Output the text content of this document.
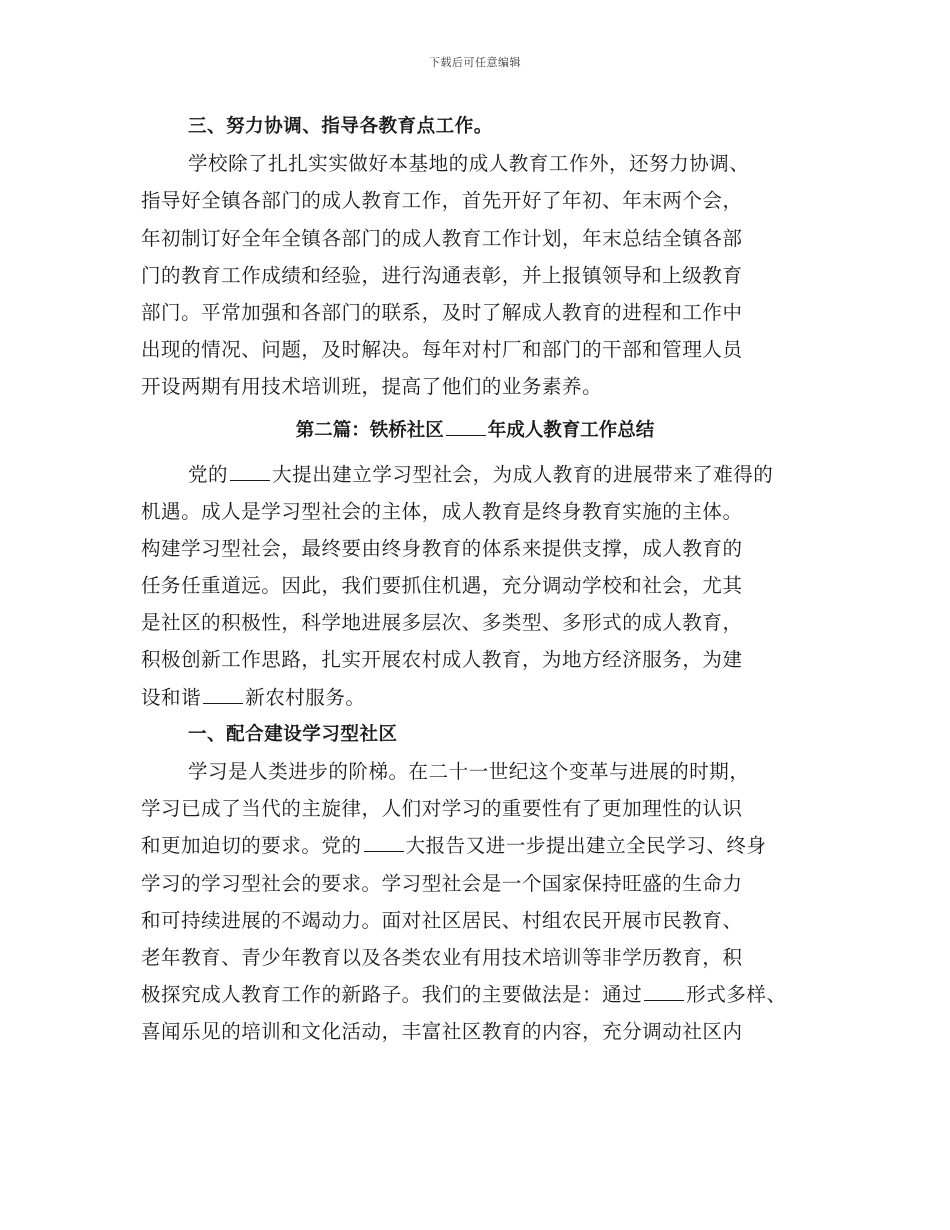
下载后可任意编辑
三、努力协调、指导各教育点工作。
学校除了扎扎实实做好本基地的成人教育工作外，还努力协调、
指导好全镇各部门的成人教育工作，首先开好了年初、年末两个会，
年初制订好全年全镇各部门的成人教育工作计划，年末总结全镇各部
门的教育工作成绩和经验，进行沟通表彰，并上报镇领导和上级教育
部门。平常加强和各部门的联系，及时了解成人教育的进程和工作中
出现的情况、问题，及时解决。每年对村厂和部门的干部和管理人员
开设两期有用技术培训班，提高了他们的业务素养。
第二篇：铁桥社区 年成人教育工作总结
党的 大提出建立学习型社会，为成人教育的进展带来了难得的
机遇。成人是学习型社会的主体，成人教育是终身教育实施的主体。
构建学习型社会，最终要由终身教育的体系来提供支撑，成人教育的
任务任重道远。因此，我们要抓住机遇，充分调动学校和社会，尤其
是社区的积极性，科学地进展多层次、多类型、多形式的成人教育，
积极创新工作思路，扎实开展农村成人教育，为地方经济服务，为建
设和谐 新农村服务。
一、配合建设学习型社区
学习是人类进步的阶梯。在二十一世纪这个变革与进展的时期，
学习已成了当代的主旋律，人们对学习的重要性有了更加理性的认识
和更加迫切的要求。党的 大报告又进一步提出建立全民学习、终身
学习的学习型社会的要求。学习型社会是一个国家保持旺盛的生命力
和可持续进展的不竭动力。面对社区居民、村组农民开展市民教育、
老年教育、青少年教育以及各类农业有用技术培训等非学历教育，积
极探究成人教育工作的新路子。我们的主要做法是：通过 形式多样、
喜闻乐见的培训和文化活动，丰富社区教育的内容，充分调动社区内
